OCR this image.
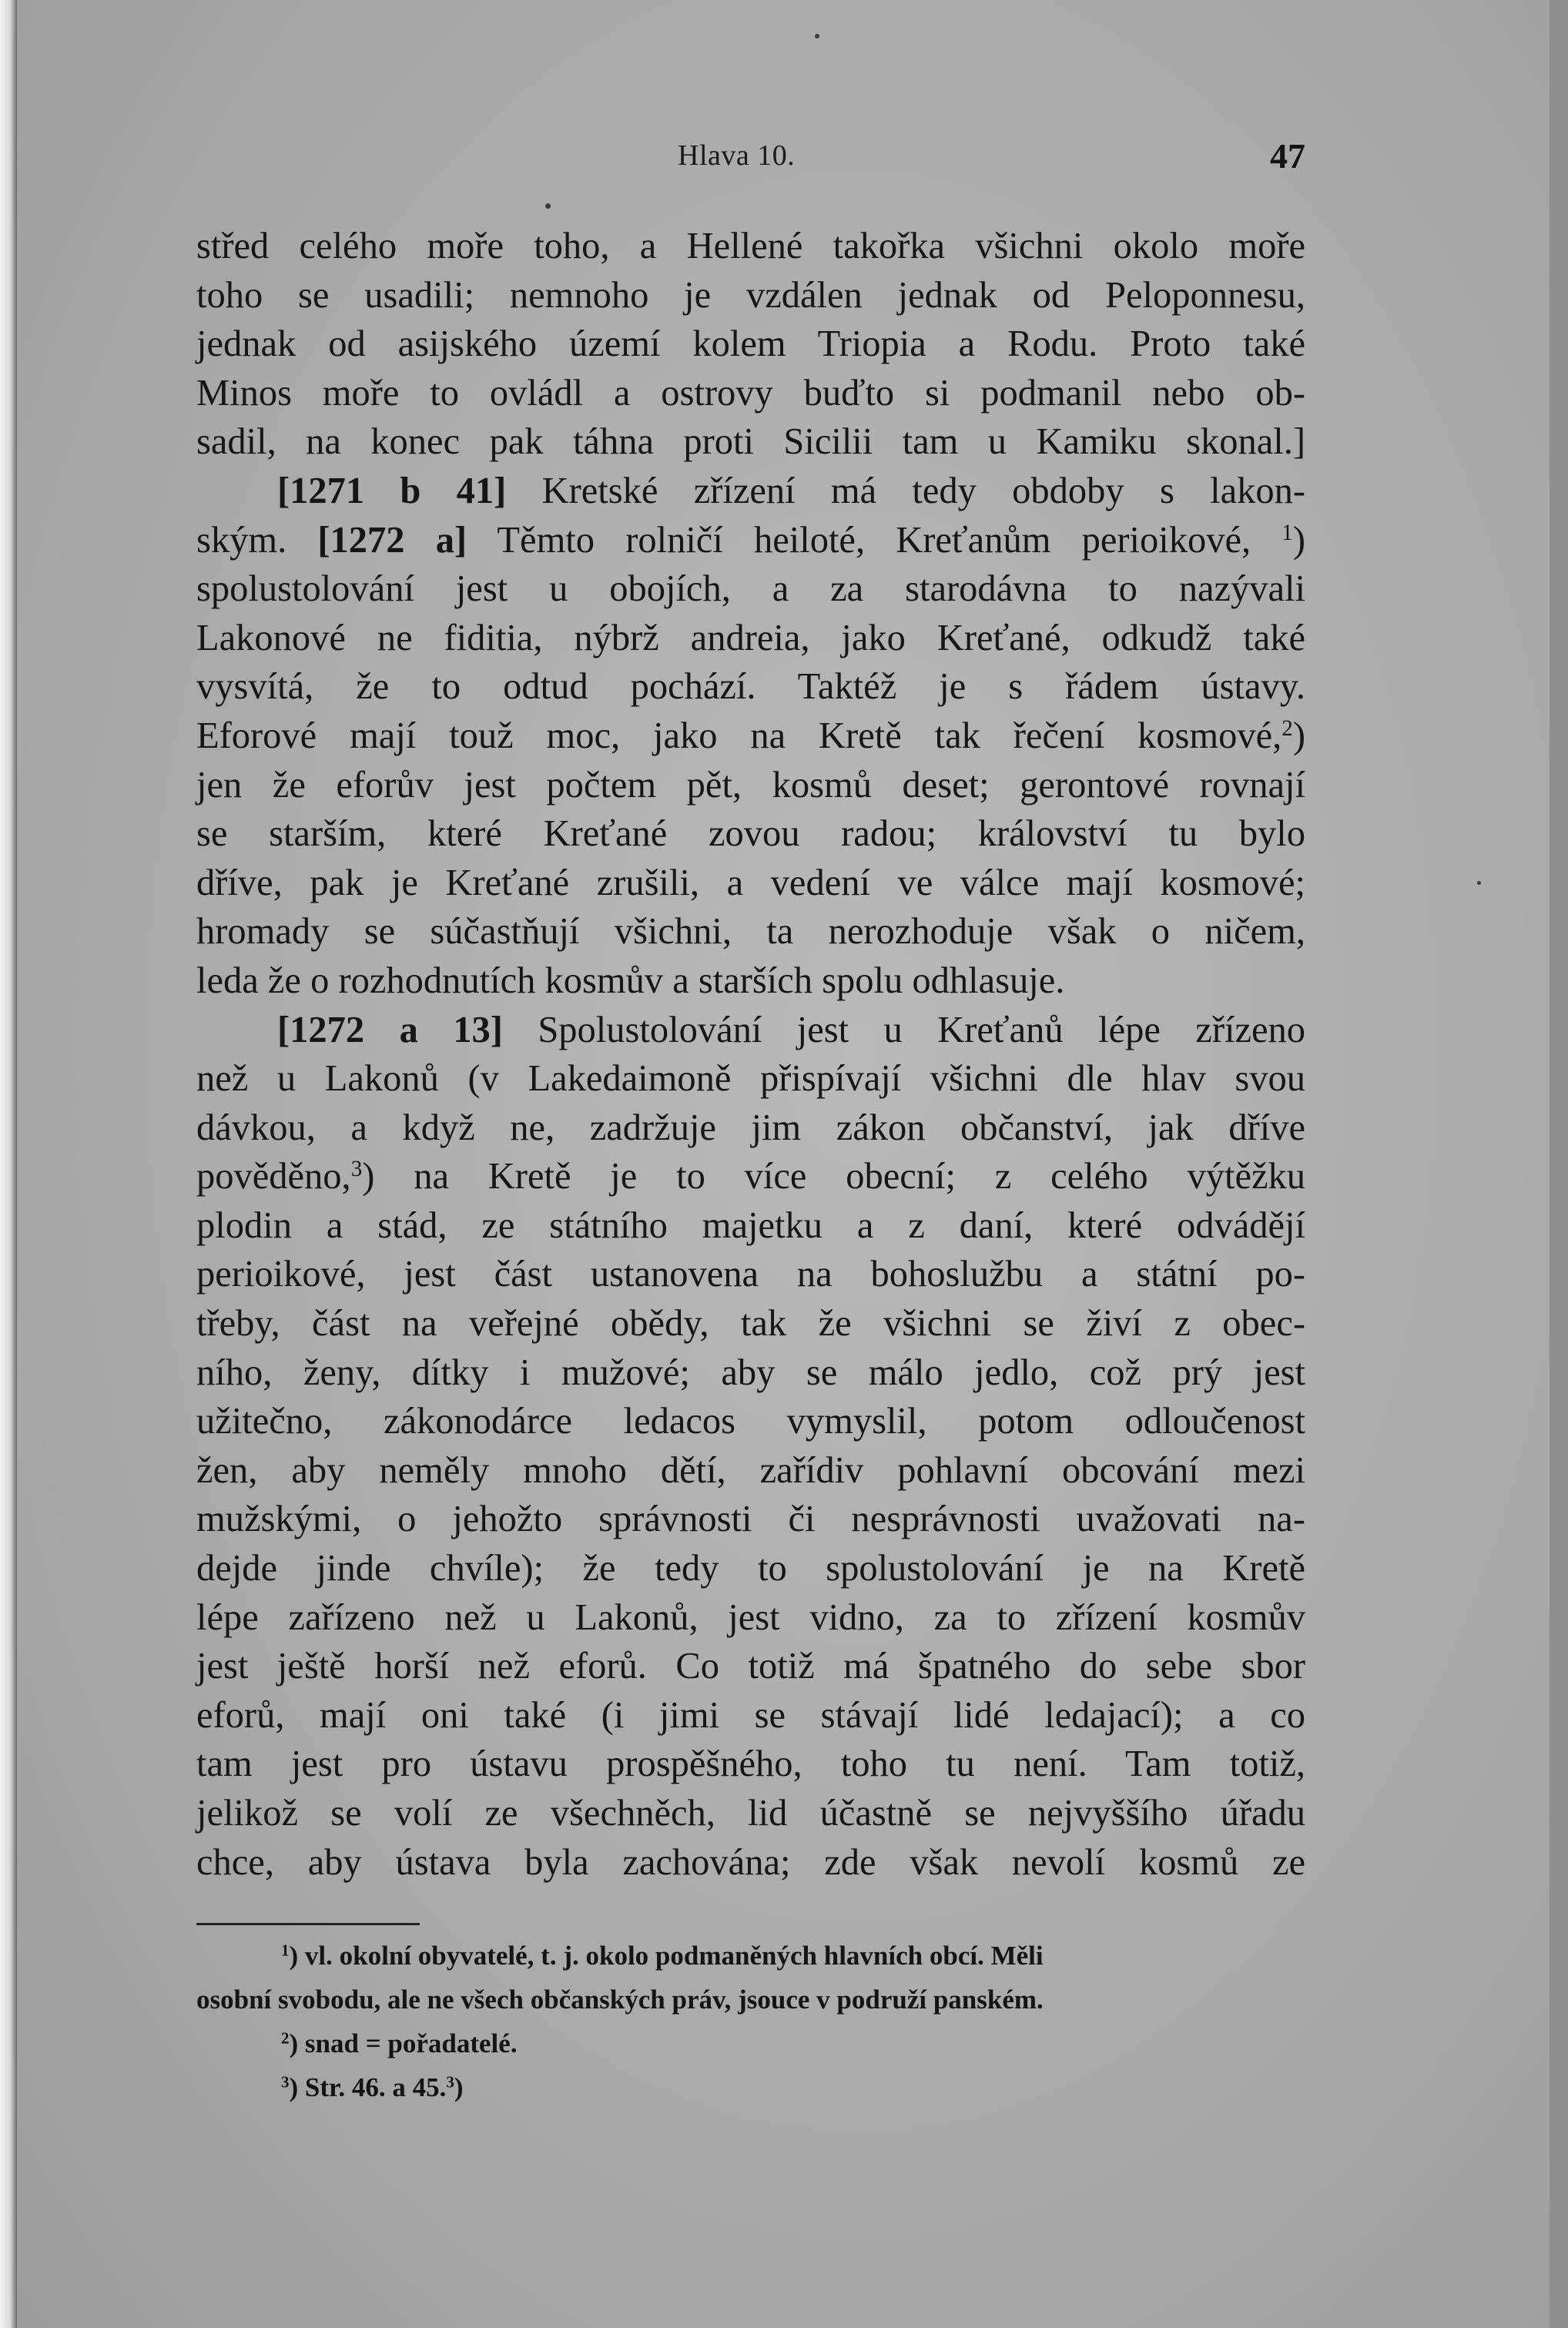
Hlava 10.	47
střed celého moře toho, a Hellené takořka všichni okolo moře
toho se usadili; nemnoho je vzdálen jednak od Peloponnesu,
jednak od asijského území kolem Triopia a Rodu. Proto také
Minos moře to ovládl a ostrovy buďto si podmanil nebo ob-
sadil, na konec pak táhna proti Sicilii tam u Kamiku skonal.]
[1271 b 41] Kretské zřízení má tedy obdoby s lakon-
ským. [1272 a] Těmto rolničí heiloté, Kreťanům perioikové, $^1$)
spolustolování jest u obojích, a za starodávna to nazývali
Lakonové ne fiditia, nýbrž andreia, jako Kreťané, odkudž také
vysvítá, že to odtud pochází. Taktéž je s řádem ústavy.
Eforové mají touž moc, jako na Kretě tak řečení kosmové,$^2$)
jen že eforův jest počtem pět, kosmů deset; gerontové rovnají
se starším, které Kreťané zovou radou; království tu bylo
dříve, pak je Kreťané zrušili, a vedení ve válce mají kosmové;
hromady se súčastňují všichni, ta nerozhoduje však o ničem,
leda že o rozhodnutích kosmův a starších spolu odhlasuje.
[1272 a 13] Spolustolování jest u Kreťanů lépe zřízeno
než u Lakonů (v Lakedaimoně přispívají všichni dle hlav svou
dávkou, a když ne, zadržuje jim zákon občanství, jak dříve
pověděno,$^3$) na Kretě je to více obecní; z celého výtěžku
plodin a stád, ze státního majetku a z daní, které odvádějí
perioikové, jest část ustanovena na bohoslužbu a státní po-
třeby, část na veřejné obědy, tak že všichni se živí z obec-
ního, ženy, dítky i mužové; aby se málo jedlo, což prý jest
užitečno, zákonodárce ledacos vymyslil, potom odloučenost
žen, aby neměly mnoho dětí, zařídiv pohlavní obcování mezi
mužskými, o jehožto správnosti či nesprávnosti uvažovati na-
dejde jinde chvíle); že tedy to spolustolování je na Kretě
lépe zařízeno než u Lakonů, jest vidno, za to zřízení kosmův
jest ještě horší než eforů. Co totiž má špatného do sebe sbor
eforů, mají oni také (i jimi se stávají lidé ledajací); a co
tam jest pro ústavu prospěšného, toho tu není. Tam totiž,
jelikož se volí ze všechněch, lid účastně se nejvyššího úřadu
chce, aby ústava byla zachována; zde však nevolí kosmů ze
$^1$) vl. okolní obyvatelé, t. j. okolo podmaněných hlavních obcí. Měli
osobní svobodu, ale ne všech občanských práv, jsouce v podruží panském.
$^2$) snad = pořadatelé.
$^3$) Str. 46. a 45.$^3$)
